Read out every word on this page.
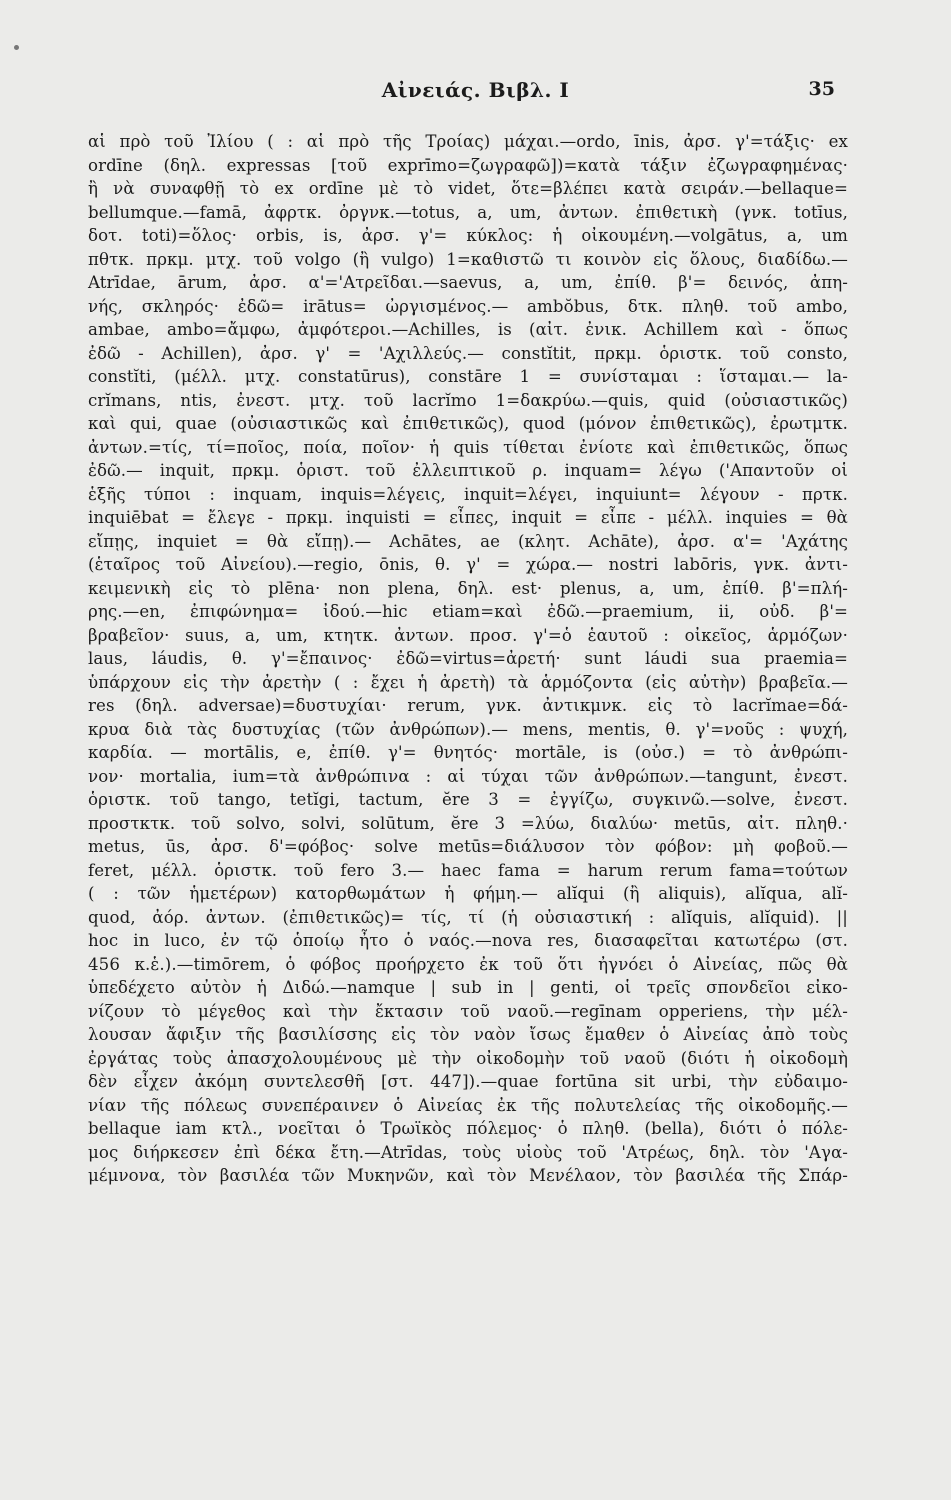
Αἰνειάς. Βιβλ. Ι	35
αἱ πρὸ τοῦ Ἰλίου ( : αἱ πρὸ τῆς Τροίας) μάχαι.—ordo, īnis, ἀρσ. γ'=τάξις· ex
ordīne (δηλ. expressas [τοῦ exprīmo=ζωγραφῶ])=κατὰ τάξιν ἐζωγραφημένας·
ἢ νὰ συναφθῇ τὸ ex ordīne μὲ τὸ videt, ὅτε=βλέπει κατὰ σειράν.—bellaque=
bellumque.—famā, ἀφρτκ. ὀργνκ.—totus, a, um, ἀντων. ἐπιθετικὴ (γνκ. totīus,
δοτ. toti)=ὅλος· orbis, is, ἀρσ. γ'= κύκλος: ἡ οἰκουμένη.—volgātus, a, um
πθτκ. πρκμ. μτχ. τοῦ volgo (ἢ vulgo) 1=καθιστῶ τι κοινὸν εἰς ὅλους, διαδίδω.—
Atrīdae, ārum, ἀρσ. α'='Ατρεῖδαι.—saevus, a, um, ἐπίθ. β'= δεινός, ἀπη-
νής, σκληρός· ἐδῶ= irātus= ὠργισμένος.— ambŏbus, δτκ. πληθ. τοῦ ambo,
ambae, ambo=ἄμφω, ἀμφότεροι.—Achilles, is (αἰτ. ἐνικ. Achillem καὶ - ὅπως
ἐδῶ - Achillen), ἀρσ. γ' = 'Αχιλλεύς.— constĭtit, πρκμ. ὁριστκ. τοῦ consto,
constĭti, (μέλλ. μτχ. constatūrus), constāre 1 = συνίσταμαι : ἵσταμαι.— la-
crĭmans, ntis, ἐνεστ. μτχ. τοῦ lacrĭmo 1=δακρύω.—quis, quid (οὐσιαστικῶς)
καὶ qui, quae (οὐσιαστικῶς καὶ ἐπιθετικῶς), quod (μόνον ἐπιθετικῶς), ἐρωτμτκ.
ἀντων.=τίς, τί=ποῖος, ποία, ποῖον· ἡ quis τίθεται ἐνίοτε καὶ ἐπιθετικῶς, ὅπως
ἐδῶ.— inquit, πρκμ. ὁριστ. τοῦ ἐλλειπτικοῦ ρ. inquam= λέγω ('Απαντοῦν οἱ
ἑξῆς τύποι : inquam, inquis=λέγεις, inquit=λέγει, inquiunt= λέγουν - πρτκ.
inquiēbat = ἔλεγε - πρκμ. inquisti = εἶπες, inquit = εἶπε - μέλλ. inquies = θὰ
εἴπῃς, inquiet = θὰ εἴπῃ).— Achātes, ae (κλητ. Achāte), ἀρσ. α'= 'Αχάτης
(ἑταῖρος τοῦ Αἰνείου).—regio, ōnis, θ. γ' = χώρα.— nostri labōris, γνκ. ἀντι-
κειμενικὴ εἰς τὸ plēna· non plena, δηλ. est· plenus, a, um, ἐπίθ. β'=πλή-
ρης.—en, ἐπιφώνημα= ἰδού.—hic etiam=καὶ ἐδῶ.—praemium, ii, οὐδ. β'=
βραβεῖον· suus, a, um, κτητκ. ἀντων. προσ. γ'=ὁ ἑαυτοῦ : οἰκεῖος, ἁρμόζων·
laus, láudis, θ. γ'=ἔπαινος· ἐδῶ=virtus=ἀρετή· sunt láudi sua praemia=
ὑπάρχουν εἰς τὴν ἀρετὴν ( : ἔχει ἡ ἀρετὴ) τὰ ἁρμόζοντα (εἰς αὐτὴν) βραβεῖα.—
res (δηλ. adversae)=δυστυχίαι· rerum, γνκ. ἀντικμνκ. εἰς τὸ lacrĭmae=δά-
κρυα διὰ τὰς δυστυχίας (τῶν ἀνθρώπων).— mens, mentis, θ. γ'=νοῦς : ψυχή,
καρδία. — mortālis, e, ἐπίθ. γ'= θνητός· mortāle, is (οὐσ.) = τὸ ἀνθρώπι-
νον· mortalia, ium=τὰ ἀνθρώπινα : αἱ τύχαι τῶν ἀνθρώπων.—tangunt, ἐνεστ.
ὁριστκ. τοῦ tango, tetĭgi, tactum, ĕre 3 = ἐγγίζω, συγκινῶ.—solve, ἐνεστ.
προστκτκ. τοῦ solvo, solvi, solūtum, ĕre 3 =λύω, διαλύω· metūs, αἰτ. πληθ.·
metus, ūs, ἀρσ. δ'=φόβος· solve metūs=διάλυσον τὸν φόβον: μὴ φοβοῦ.—
feret, μέλλ. ὁριστκ. τοῦ fero 3.— haec fama = harum rerum fama=τούτων
( : τῶν ἡμετέρων) κατορθωμάτων ἡ φήμη.— alĭqui (ἢ aliquis), alĭqua, alĭ-
quod, ἀόρ. ἀντων. (ἐπιθετικῶς)= τίς, τί (ἡ οὐσιαστική : alĭquis, alĭquid). ||
hoc in luco, ἐν τῷ ὁποίῳ ἦτο ὁ ναός.—nova res, διασαφεῖται κατωτέρω (στ.
456 κ.ἑ.).—timōrem, ὁ φόβος προήρχετο ἐκ τοῦ ὅτι ἠγνόει ὁ Αἰνείας, πῶς θὰ
ὑπεδέχετο αὐτὸν ἡ Διδώ.—namque | sub in | genti, οἱ τρεῖς σπονδεῖοι εἰκο-
νίζουν τὸ μέγεθος καὶ τὴν ἔκτασιν τοῦ ναοῦ.—regīnam opperiens, τὴν μέλ-
λουσαν ἄφιξιν τῆς βασιλίσσης εἰς τὸν ναὸν ἴσως ἔμαθεν ὁ Αἰνείας ἀπὸ τοὺς
ἐργάτας τοὺς ἀπασχολουμένους μὲ τὴν οἰκοδομὴν τοῦ ναοῦ (διότι ἡ οἰκοδομὴ
δὲν εἶχεν ἀκόμη συντελεσθῆ [στ. 447]).—quae fortūna sit urbi, τὴν εὐδαιμο-
νίαν τῆς πόλεως συνεπέραινεν ὁ Αἰνείας ἐκ τῆς πολυτελείας τῆς οἰκοδομῆς.—
bellaque iam κτλ., νοεῖται ὁ Τρωϊκὸς πόλεμος· ὁ πληθ. (bella), διότι ὁ πόλε-
μος διήρκεσεν ἐπὶ δέκα ἔτη.—Atrīdas, τοὺς υἱοὺς τοῦ 'Ατρέως, δηλ. τὸν 'Αγα-
μέμνονα, τὸν βασιλέα τῶν Μυκηνῶν, καὶ τὸν Μενέλαον, τὸν βασιλέα τῆς Σπάρ-
